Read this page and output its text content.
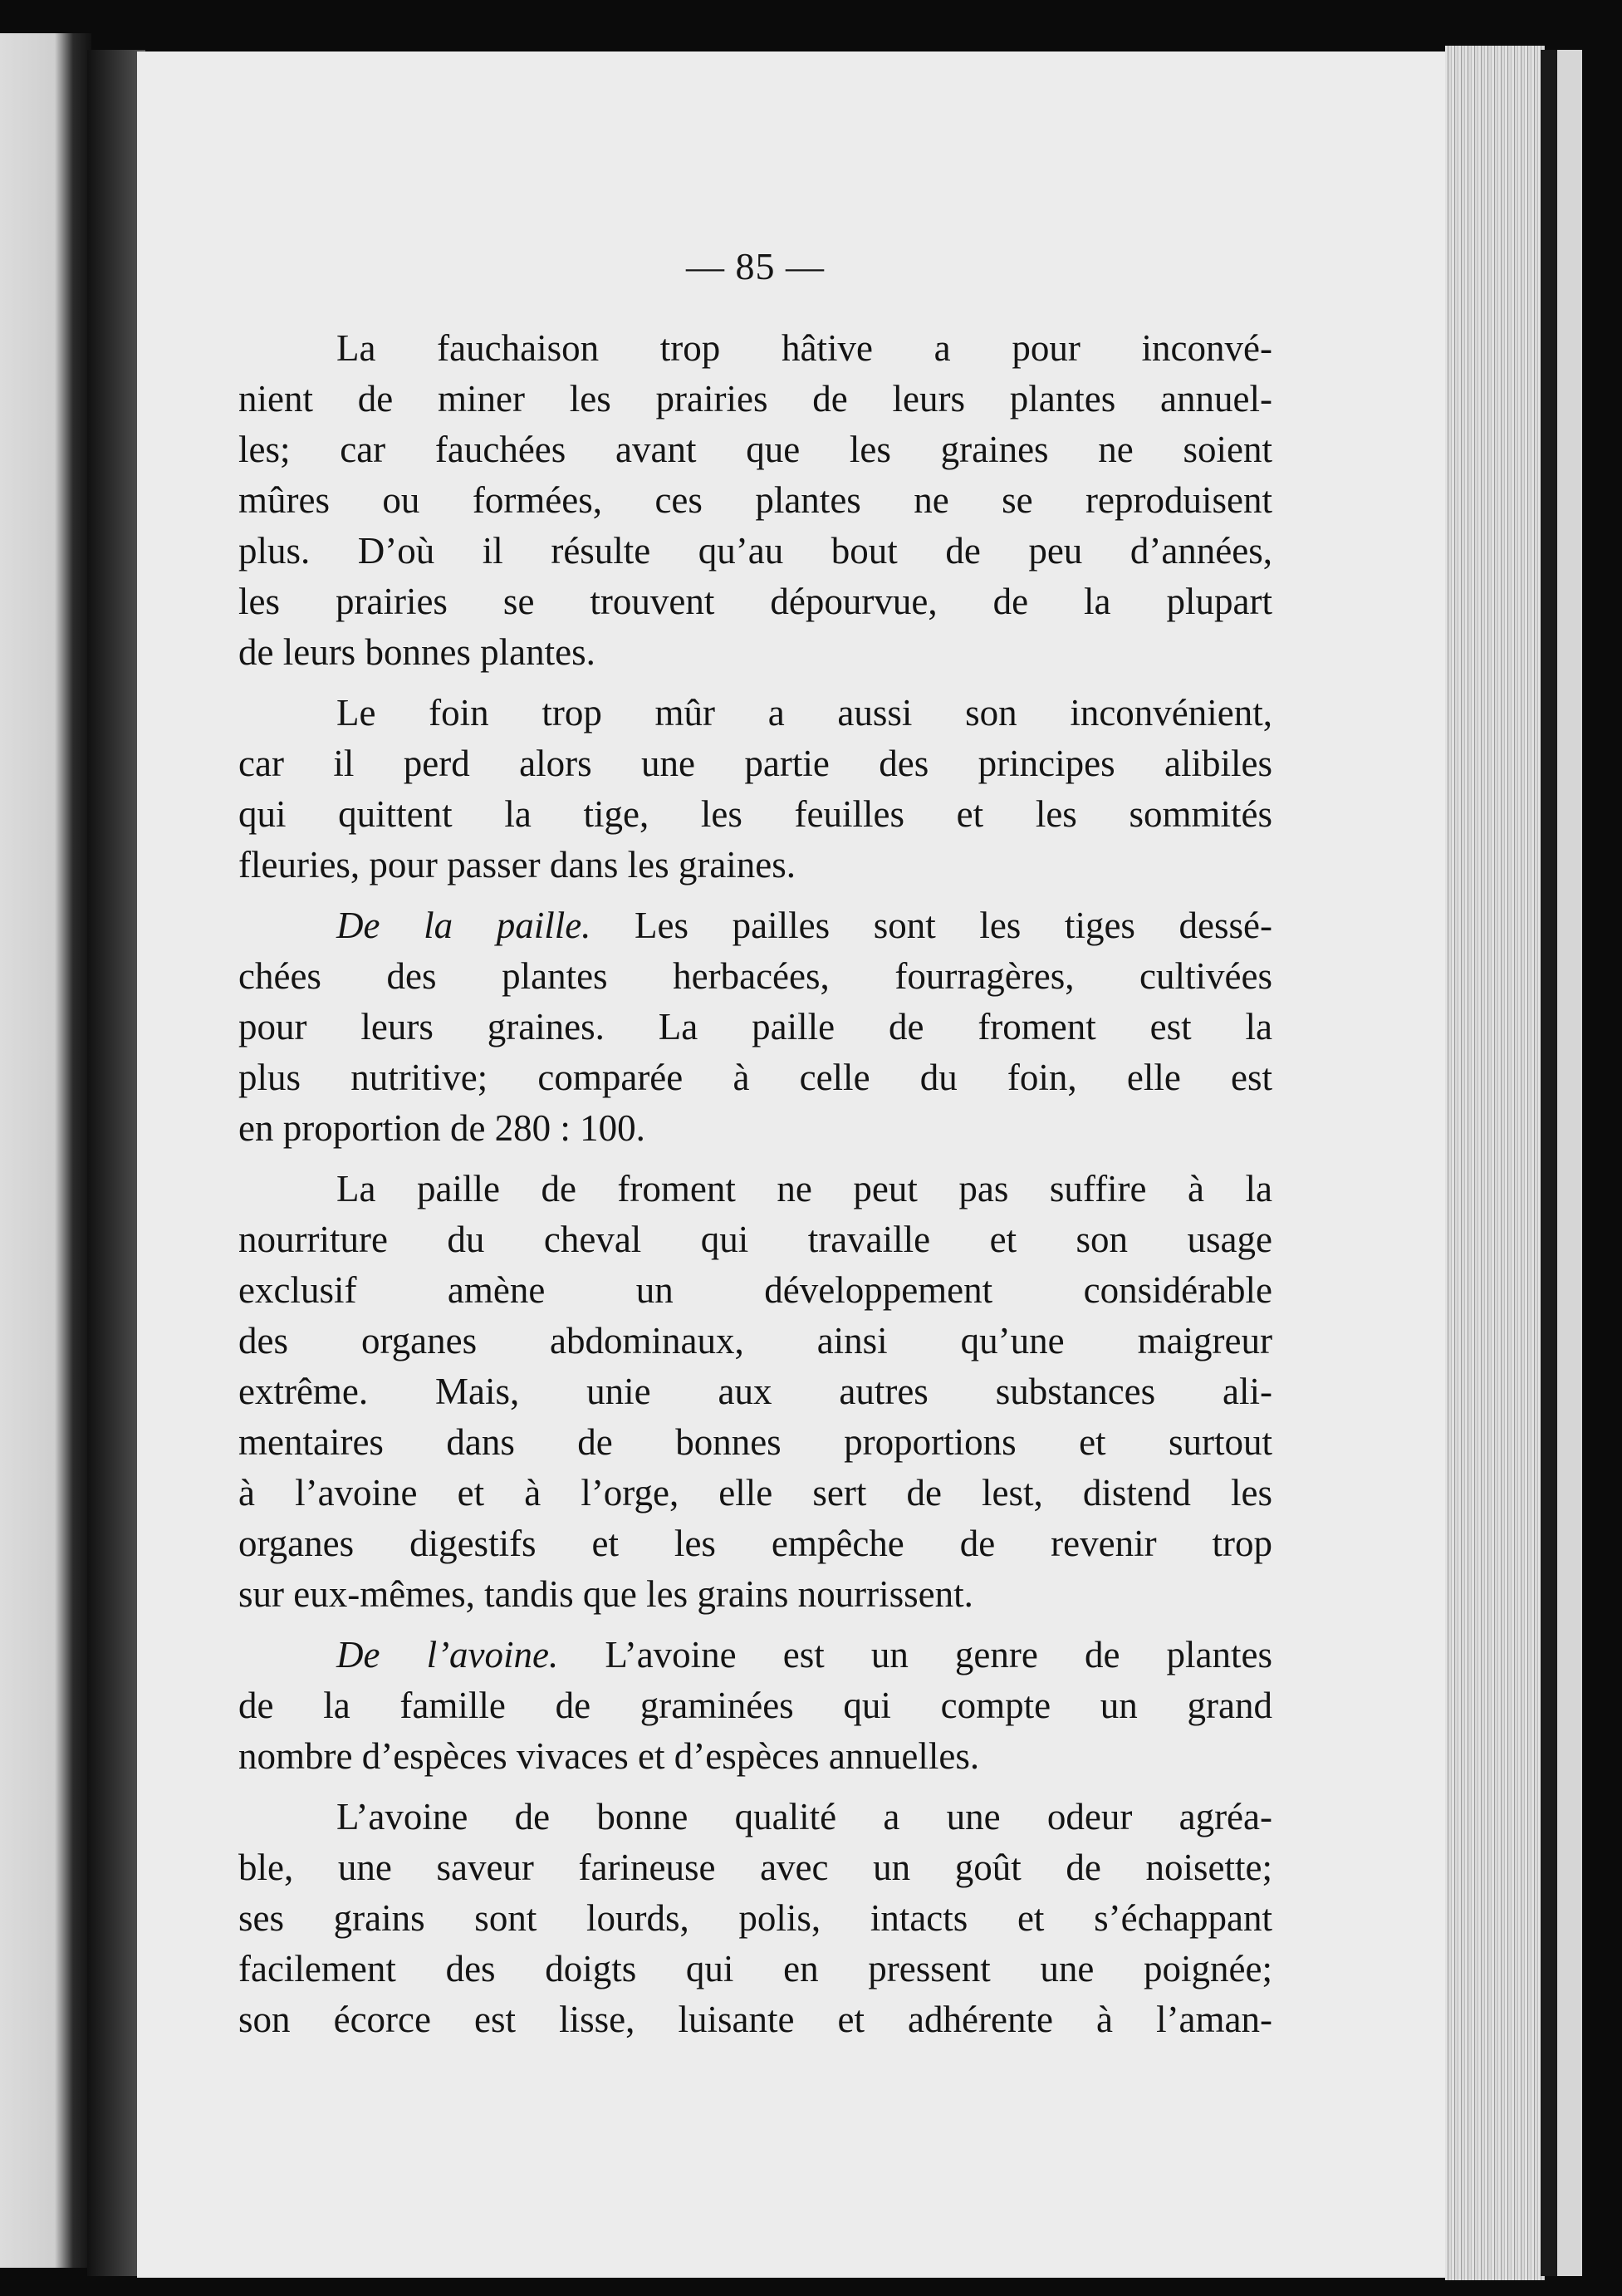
— 85 —
La fauchaison trop hâtive a pour inconvé-
nient de miner les prairies de leurs plantes annuel-
les; car fauchées avant que les graines ne soient
mûres ou formées, ces plantes ne se reproduisent
plus. D’où il résulte qu’au bout de peu d’années,
les prairies se trouvent dépourvue, de la plupart
de leurs bonnes plantes.
Le foin trop mûr a aussi son inconvénient,
car il perd alors une partie des principes alibiles
qui quittent la tige, les feuilles et les sommités
fleuries, pour passer dans les graines.
De la paille. Les pailles sont les tiges dessé-
chées des plantes herbacées, fourragères, cultivées
pour leurs graines. La paille de froment est la
plus nutritive; comparée à celle du foin, elle est
en proportion de 280 : 100.
La paille de froment ne peut pas suffire à la
nourriture du cheval qui travaille et son usage
exclusif amène un développement considérable
des organes abdominaux, ainsi qu’une maigreur
extrême. Mais, unie aux autres substances ali-
mentaires dans de bonnes proportions et surtout
à l’avoine et à l’orge, elle sert de lest, distend les
organes digestifs et les empêche de revenir trop
sur eux-mêmes, tandis que les grains nourrissent.
De l’avoine. L’avoine est un genre de plantes
de la famille de graminées qui compte un grand
nombre d’espèces vivaces et d’espèces annuelles.
L’avoine de bonne qualité a une odeur agréa-
ble, une saveur farineuse avec un goût de noisette;
ses grains sont lourds, polis, intacts et s’échappant
facilement des doigts qui en pressent une poignée;
son écorce est lisse, luisante et adhérente à l’aman-
